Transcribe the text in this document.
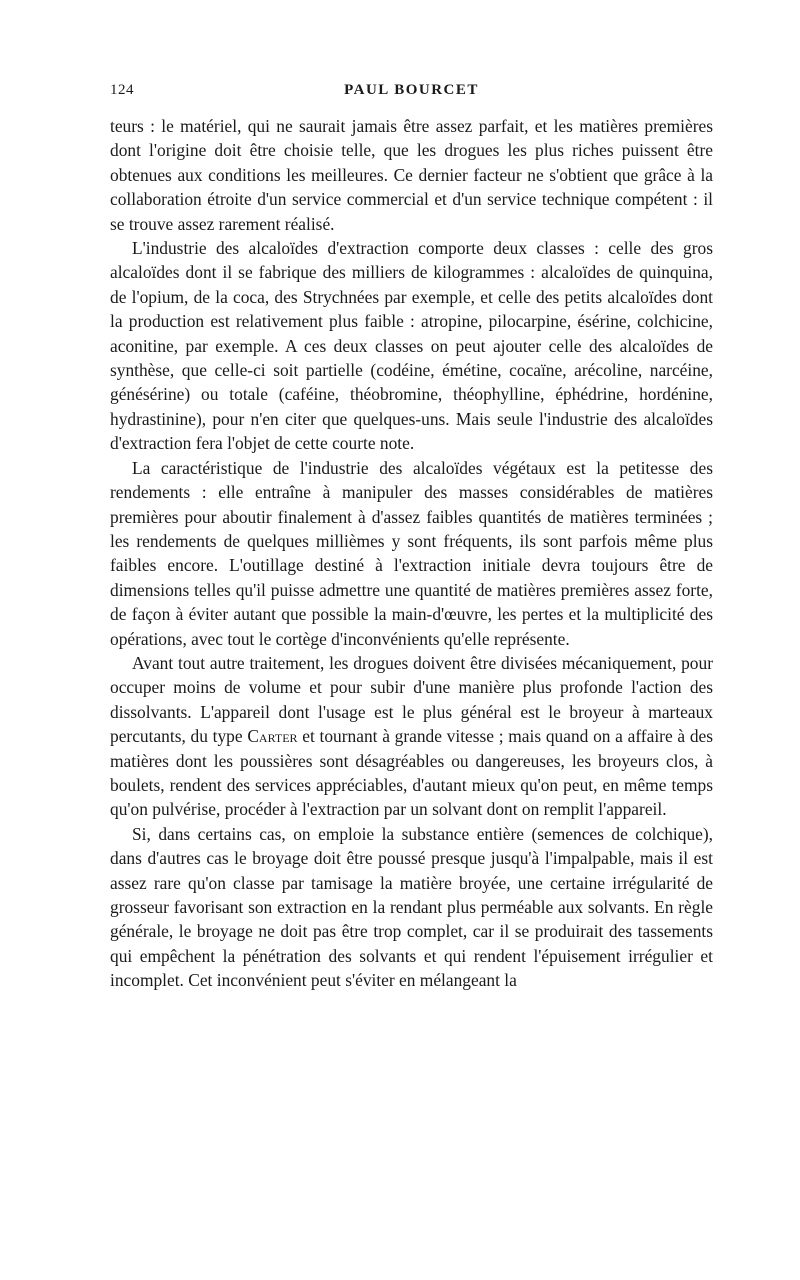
124	PAUL BOURCET

teurs : le matériel, qui ne saurait jamais être assez parfait, et les matières premières dont l'origine doit être choisie telle, que les drogues les plus riches puissent être obtenues aux conditions les meilleures. Ce dernier facteur ne s'obtient que grâce à la collaboration étroite d'un service commercial et d'un service technique compétent : il se trouve assez rarement réalisé.

L'industrie des alcaloïdes d'extraction comporte deux classes : celle des gros alcaloïdes dont il se fabrique des milliers de kilogrammes : alcaloïdes de quinquina, de l'opium, de la coca, des Strychnées par exemple, et celle des petits alcaloïdes dont la production est relativement plus faible : atropine, pilocarpine, ésérine, colchicine, aconitine, par exemple. A ces deux classes on peut ajouter celle des alcaloïdes de synthèse, que celle-ci soit partielle (codéine, émétine, cocaïne, arécoline, narcéine, génésérine) ou totale (caféine, théobromine, théophylline, éphédrine, hordénine, hydrastinine), pour n'en citer que quelques-uns. Mais seule l'industrie des alcaloïdes d'extraction fera l'objet de cette courte note.

La caractéristique de l'industrie des alcaloïdes végétaux est la petitesse des rendements : elle entraîne à manipuler des masses considérables de matières premières pour aboutir finalement à d'assez faibles quantités de matières terminées ; les rendements de quelques millièmes y sont fréquents, ils sont parfois même plus faibles encore. L'outillage destiné à l'extraction initiale devra toujours être de dimensions telles qu'il puisse admettre une quantité de matières premières assez forte, de façon à éviter autant que possible la main-d'œuvre, les pertes et la multiplicité des opérations, avec tout le cortège d'inconvénients qu'elle représente.

Avant tout autre traitement, les drogues doivent être divisées mécaniquement, pour occuper moins de volume et pour subir d'une manière plus profonde l'action des dissolvants. L'appareil dont l'usage est le plus général est le broyeur à marteaux percutants, du type Carter et tournant à grande vitesse ; mais quand on a affaire à des matières dont les poussières sont désagréables ou dangereuses, les broyeurs clos, à boulets, rendent des services appréciables, d'autant mieux qu'on peut, en même temps qu'on pulvérise, procéder à l'extraction par un solvant dont on remplit l'appareil.

Si, dans certains cas, on emploie la substance entière (semences de colchique), dans d'autres cas le broyage doit être poussé presque jusqu'à l'impalpable, mais il est assez rare qu'on classe par tamisage la matière broyée, une certaine irrégularité de grosseur favorisant son extraction en la rendant plus perméable aux solvants. En règle générale, le broyage ne doit pas être trop complet, car il se produirait des tassements qui empêchent la pénétration des solvants et qui rendent l'épuisement irrégulier et incomplet. Cet inconvénient peut s'éviter en mélangeant la
